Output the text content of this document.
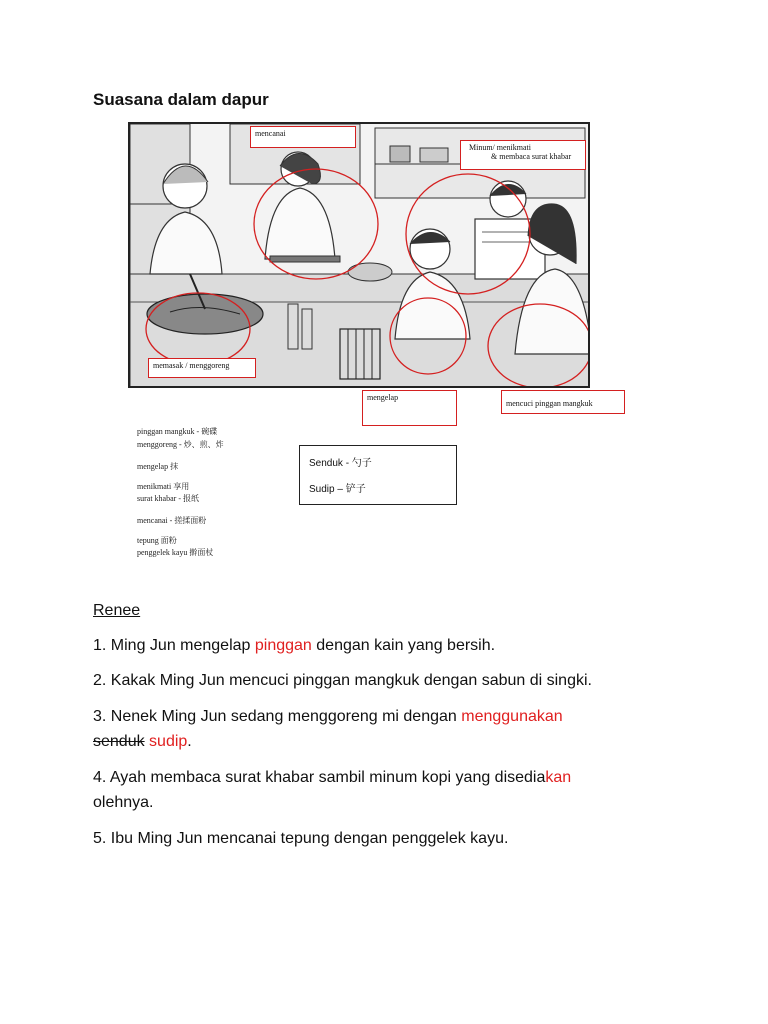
Suasana dalam dapur
mencanai
Minum/ menikmati
& membaca surat khabar
memasak / menggoreng
mengelap
mencuci pinggan mangkuk
pinggan mangkuk - 碗碟
menggoreng - 炒、煎、炸
mengelap 抹
menikmati 享用
surat khabar - 报纸
mencanai - 搓揉面粉
tepung 面粉
penggelek kayu 擀面杖
Senduk - 勺子
Sudip – 铲子
Renee
1. Ming Jun mengelap pinggan dengan kain yang bersih.
2. Kakak Ming Jun mencuci pinggan mangkuk dengan sabun di singki.
3. Nenek Ming Jun sedang menggoreng mi dengan menggunakan
senduk sudip.
4. Ayah membaca surat khabar sambil minum kopi yang disediakan
olehnya.
5. Ibu Ming Jun mencanai tepung dengan penggelek kayu.
